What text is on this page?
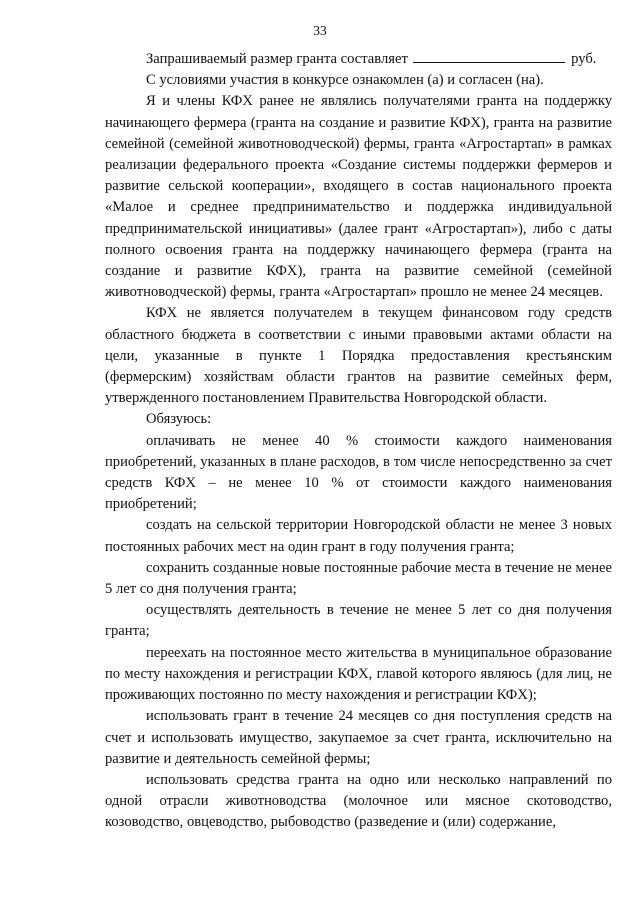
33

Запрашиваемый размер гранта составляет	руб.

С условиями участия в конкурсе ознакомлен (а) и согласен (на).

Я и члены КФХ ранее не являлись получателями гранта на поддержку начинающего фермера (гранта на создание и развитие КФХ), гранта на развитие семейной (семейной животноводческой) фермы, гранта «Агростартап» в рамках реализации федерального проекта «Создание системы поддержки фермеров и развитие сельской кооперации», входящего в состав национального проекта «Малое и среднее предпринимательство и поддержка индивидуальной предпринимательской инициативы» (далее грант «Агростартап»), либо с даты полного освоения гранта на поддержку начинающего фермера (гранта на создание и развитие КФХ), гранта на развитие семейной (семейной животноводческой) фермы, гранта «Агростартап» прошло не менее 24 месяцев.

КФХ не является получателем в текущем финансовом году средств областного бюджета в соответствии с иными правовыми актами области на цели, указанные в пункте 1 Порядка предоставления крестьянским (фермерским) хозяйствам области грантов на развитие семейных ферм, утвержденного постановлением Правительства Новгородской области.

Обязуюсь:

оплачивать не менее 40 % стоимости каждого наименования приобретений, указанных в плане расходов, в том числе непосредственно за счет средств КФХ – не менее 10 % от стоимости каждого наименования приобретений;

создать на сельской территории Новгородской области не менее 3 новых постоянных рабочих мест на один грант в году получения гранта;

сохранить созданные новые постоянные рабочие места в течение не менее 5 лет со дня получения гранта;

осуществлять деятельность в течение не менее 5 лет со дня получения гранта;

переехать на постоянное место жительства в муниципальное образование по месту нахождения и регистрации КФХ, главой которого являюсь (для лиц, не проживающих постоянно по месту нахождения и регистрации КФХ);

использовать грант в течение 24 месяцев со дня поступления средств на счет и использовать имущество, закупаемое за счет гранта, исключительно на развитие и деятельность семейной фермы;

использовать средства гранта на одно или несколько направлений по одной отрасли животноводства (молочное или мясное скотоводство, козоводство, овцеводство, рыбоводство (разведение и (или) содержание,
